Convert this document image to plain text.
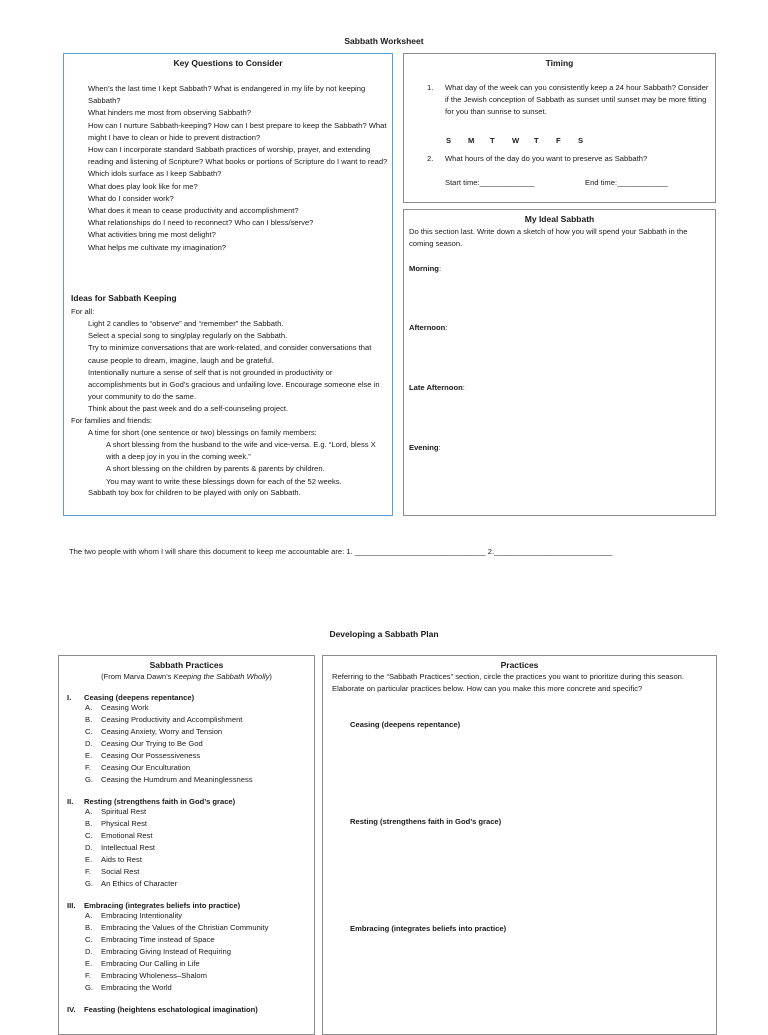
Sabbath Worksheet
Key Questions to Consider
When’s the last time I kept Sabbath? What is endangered in my life by not keeping Sabbath?
What hinders me most from observing Sabbath?
How can I nurture Sabbath-keeping? How can I best prepare to keep the Sabbath? What might I have to clean or hide to prevent distraction?
How can I incorporate standard Sabbath practices of worship, prayer, and extending reading and listening of Scripture? What books or portions of Scripture do I want to read?
Which idols surface as I keep Sabbath?
What does play look like for me?
What do I consider work?
What does it mean to cease productivity and accomplishment?
What relationships do I need to reconnect? Who can I bless/serve?
What activities bring me most delight?
What helps me cultivate my imagination?
Ideas for Sabbath Keeping
For all:
Light 2 candles to “observe” and “remember” the Sabbath.
Select a special song to sing/play regularly on the Sabbath.
Try to minimize conversations that are work-related, and consider conversations that cause people to dream, imagine, laugh and be grateful.
Intentionally nurture a sense of self that is not grounded in productivity or accomplishments but in God’s gracious and unfailing love. Encourage someone else in your community to do the same.
Think about the past week and do a self-counseling project.
For families and friends:
A time for short (one sentence or two) blessings on family members:
A short blessing from the husband to the wife and vice-versa. E.g. “Lord, bless X with a deep joy in you in the coming week.”
A short blessing on the children by parents & parents by children.
You may want to write these blessings down for each of the 52 weeks.
Sabbath toy box for children to be played with only on Sabbath.
Timing
1. What day of the week can you consistently keep a 24 hour Sabbath? Consider if the Jewish conception of Sabbath as sunset until sunset may be more fitting for you than sunrise to sunset.
S M T W T F S
2. What hours of the day do you want to preserve as Sabbath?
Start time:_____________	End time:____________
My Ideal Sabbath
Do this section last. Write down a sketch of how you will spend your Sabbath in the coming season.
Morning:
Afternoon:
Late Afternoon:
Evening:
The two people with whom I will share this document to keep me accountable are: 1. _______________________________ 2.____________________________
Developing a Sabbath Plan
Sabbath Practices
(From Marva Dawn’s Keeping the Sabbath Wholly)
I.	Ceasing (deepens repentance)
A.	Ceasing Work
B.	Ceasing Productivity and Accomplishment
C.	Ceasing Anxiety, Worry and Tension
D.	Ceasing Our Trying to Be God
E.	Ceasing Our Possessiveness
F.	Ceasing Our Enculturation
G.	Ceasing the Humdrum and Meaninglessness
II.	Resting (strengthens faith in God’s grace)
A.	Spiritual Rest
B.	Physical Rest
C.	Emotional Rest
D.	Intellectual Rest
E.	Aids to Rest
F.	Social Rest
G.	An Ethics of Character
III.	Embracing (integrates beliefs into practice)
A.	Embracing Intentionality
B.	Embracing the Values of the Christian Community
C.	Embracing Time instead of Space
D.	Embracing Giving Instead of Requiring
E.	Embracing Our Calling in Life
F.	Embracing Wholeness–Shalom
G.	Embracing the World
IV.	Feasting (heightens eschatological imagination)
Practices
Referring to the “Sabbath Practices” section, circle the practices you want to prioritize during this season. Elaborate on particular practices below. How can you make this more concrete and specific?
Ceasing (deepens repentance)
Resting (strengthens faith in God’s grace)
Embracing (integrates beliefs into practice)
